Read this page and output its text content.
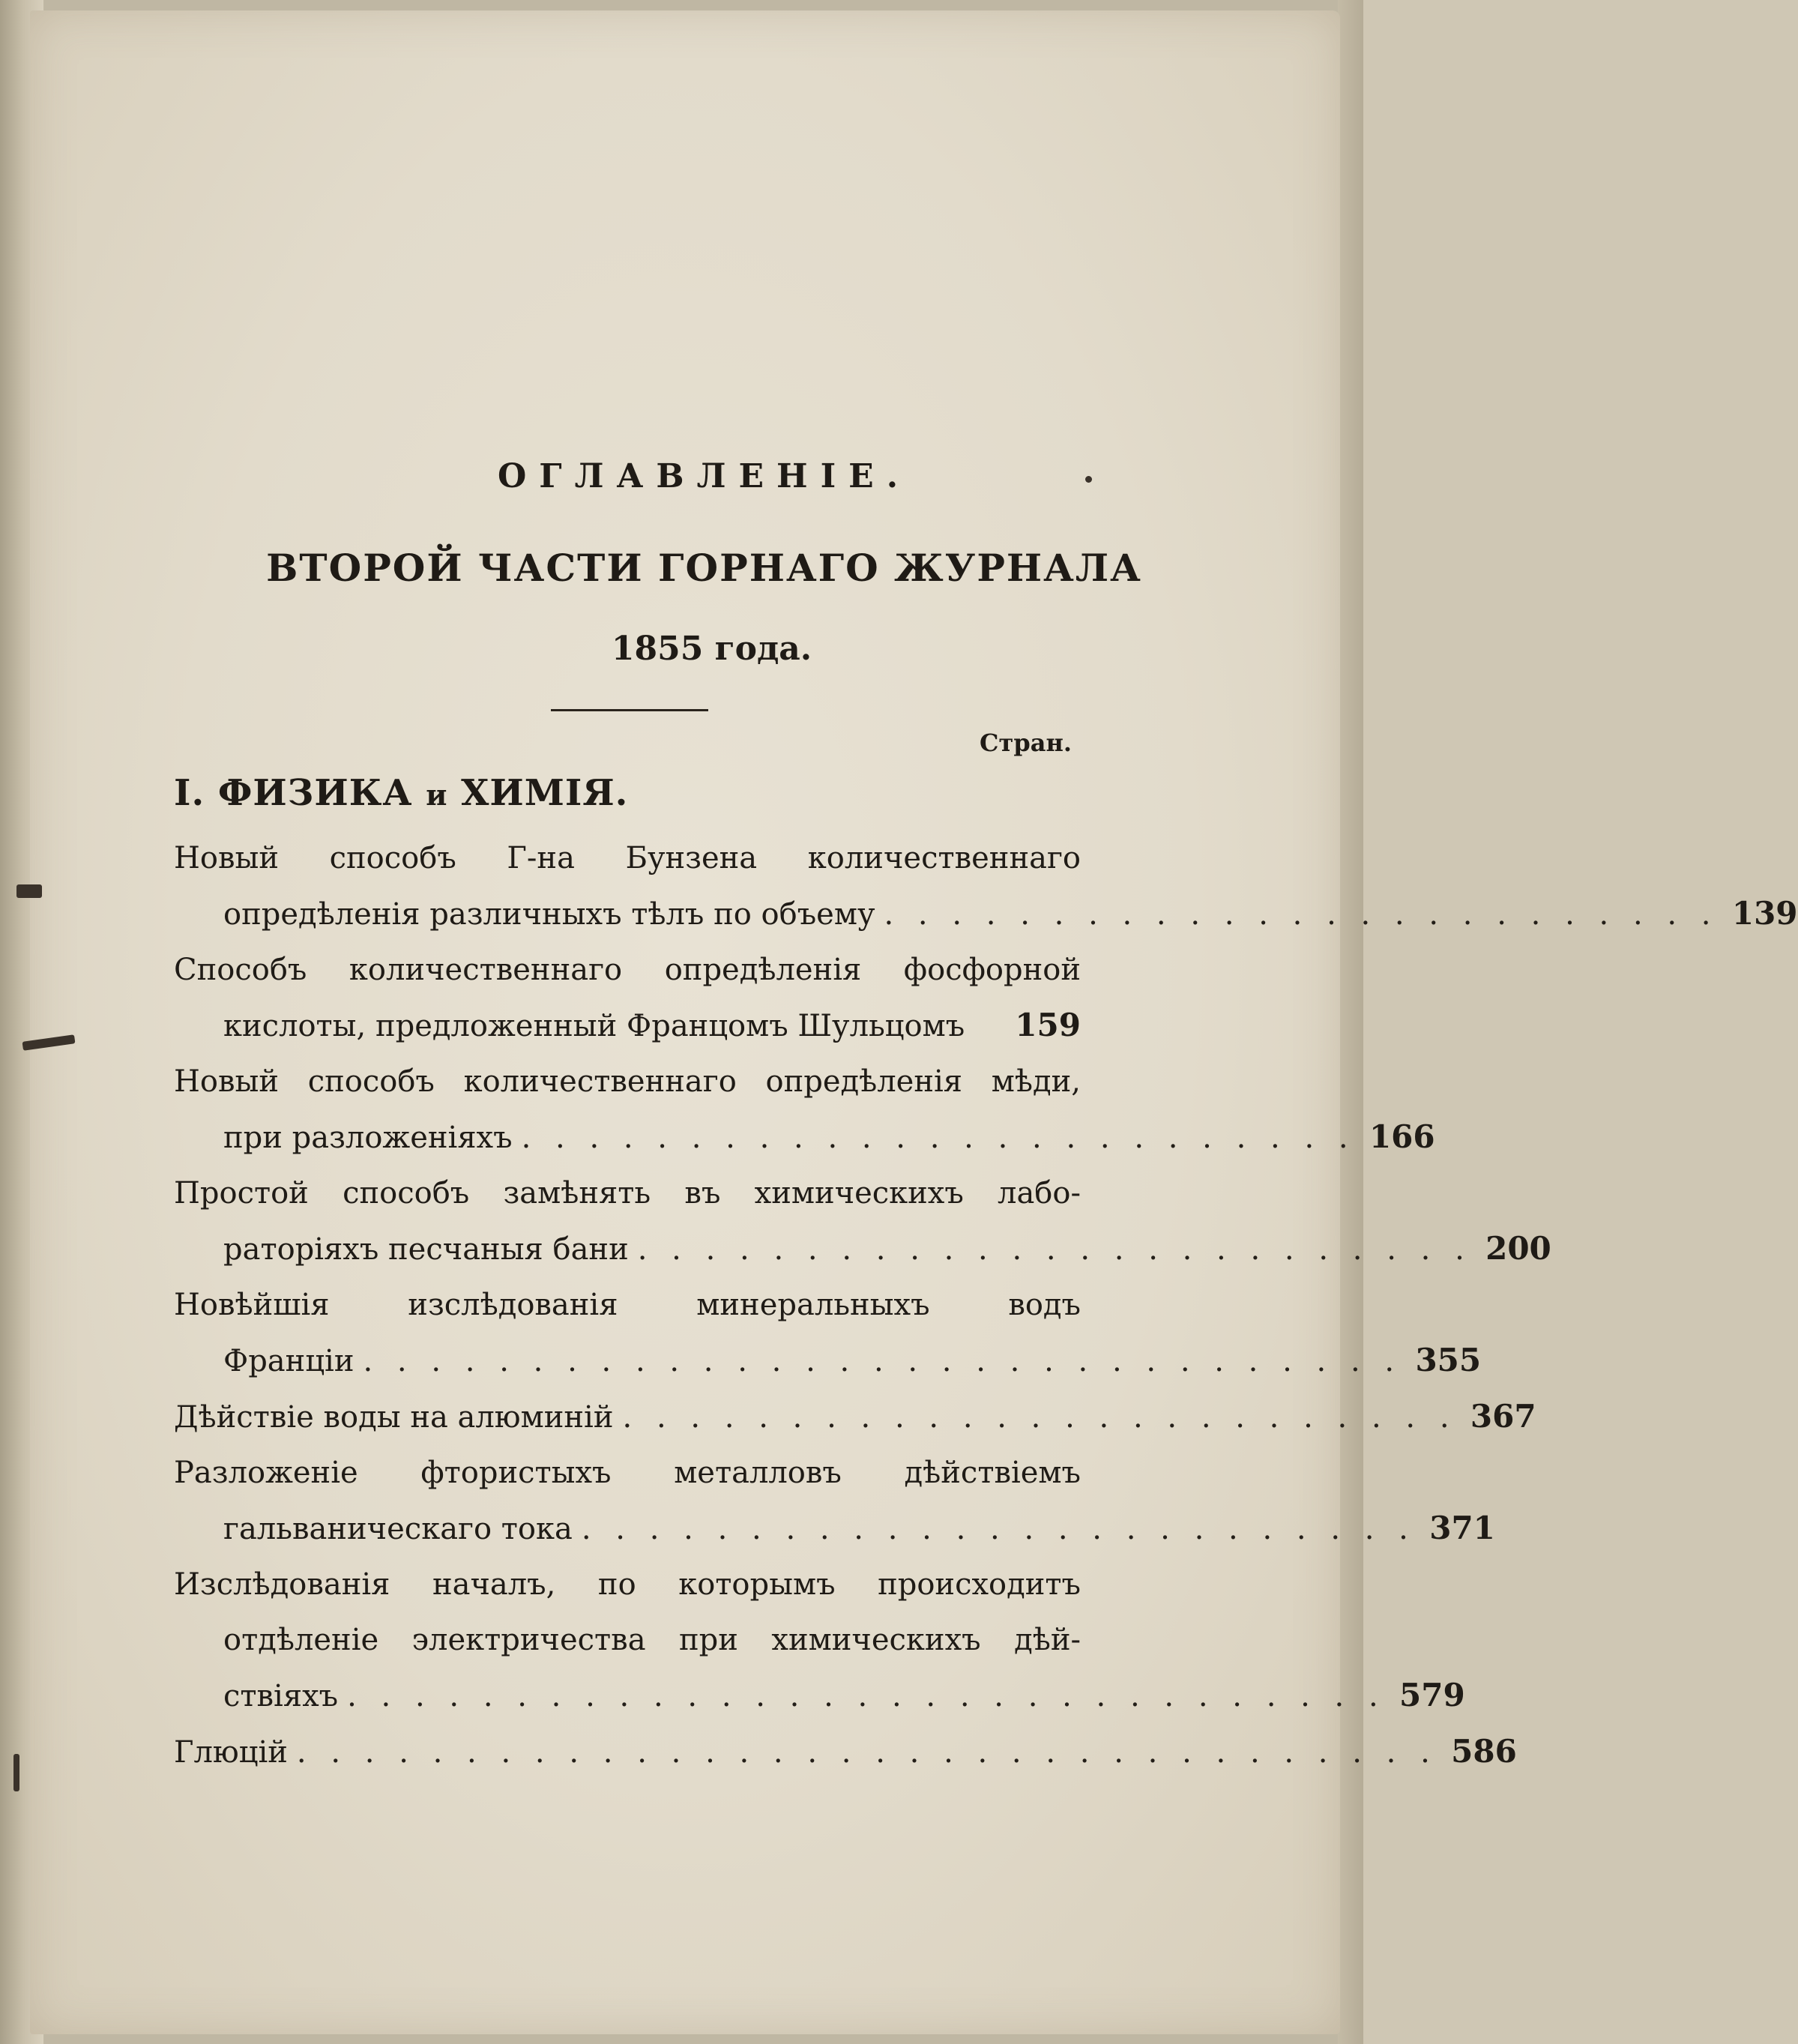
ОГЛАВЛЕНІЕ.
ВТОРОЙ ЧАСТИ ГОРНАГО ЖУРНАЛА
1855 года.
Стран.
I. ФИЗИКА и ХИМІЯ.
Новый способъ Г-на Бунзена количественнаго
опредѣленія различныхъ тѣлъ по объему . . . . . . . . . . . . . . . . . . . . . . . . . 139
Способъ количественнаго опредѣленія фосфорной
кислоты, предложенный Францомъ Шульцомъ 159
Новый способъ количественнаго опредѣленія мѣди,
при разложеніяхъ . . . . . . . . . . . . . . . . . . . . . . . . . 166
Простой способъ замѣнять въ химическихъ лабо-
раторіяхъ песчаныя бани . . . . . . . . . . . . . . . . . . . . . . . . . 200
Новѣйшія изслѣдованія минеральныхъ водъ
Франціи . . . . . . . . . . . . . . . . . . . . . . . . . . . . . . . 355
Дѣйствіе воды на алюминій . . . . . . . . . . . . . . . . . . . . . . . . . 367
Разложеніе фтористыхъ металловъ дѣйствіемъ
гальваническаго тока . . . . . . . . . . . . . . . . . . . . . . . . . 371
Изслѣдованія началъ, по которымъ происходитъ
отдѣленіе электричества при химическихъ дѣй-
ствіяхъ . . . . . . . . . . . . . . . . . . . . . . . . . . . . . . . 579
Глюцій . . . . . . . . . . . . . . . . . . . . . . . . . . . . . . . . . . 586
